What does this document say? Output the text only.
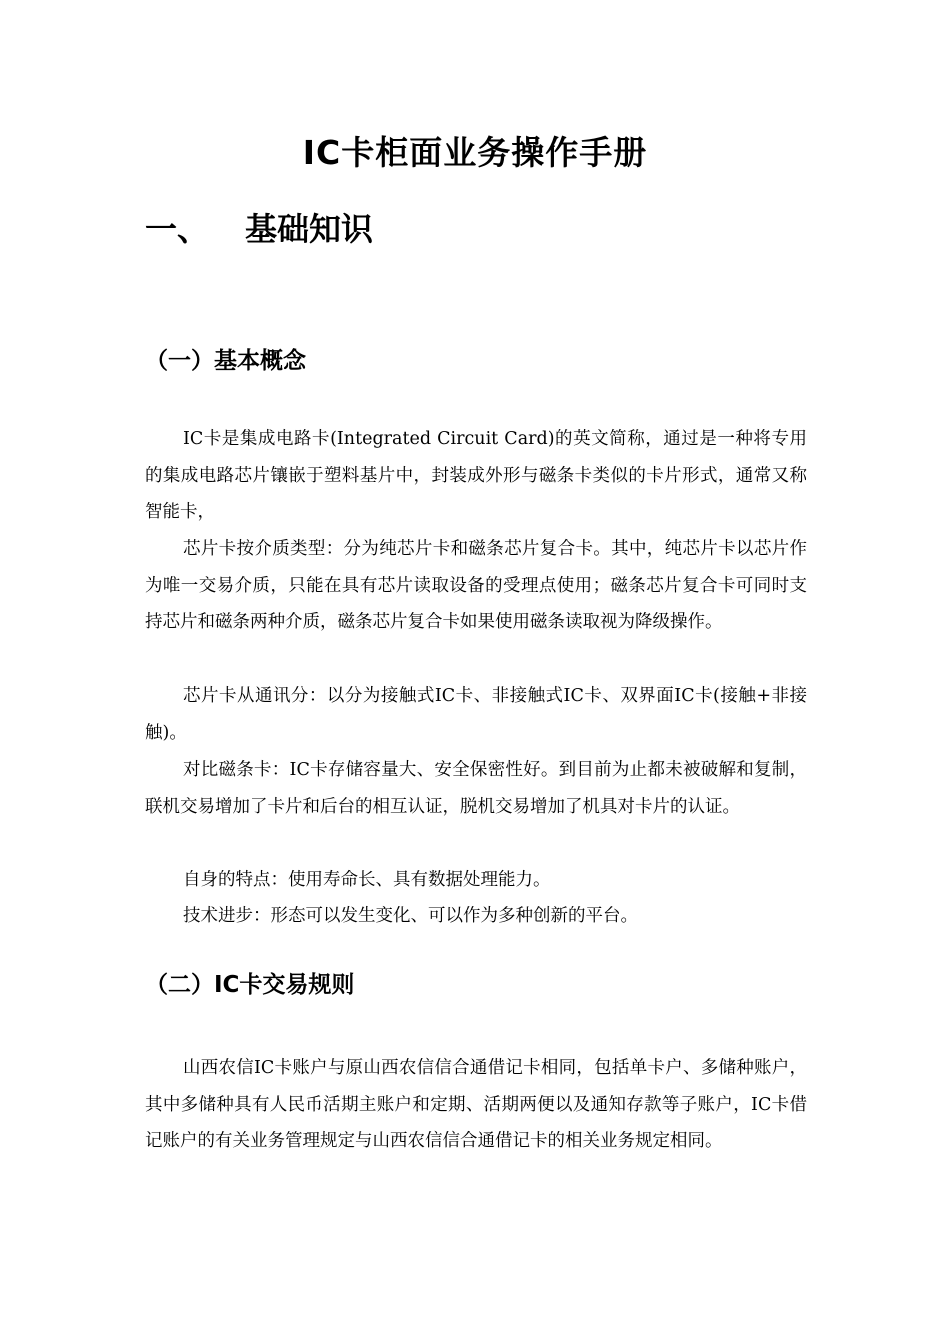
IC卡柜面业务操作手册
一、 基础知识
（一）基本概念

IC卡是集成电路卡(Integrated Circuit Card)的英文简称，通过是一种将专用的集成电路芯片镶嵌于塑料基片中，封装成外形与磁条卡类似的卡片形式，通常又称智能卡，

芯片卡按介质类型：分为纯芯片卡和磁条芯片复合卡。其中，纯芯片卡以芯片作为唯一交易介质，只能在具有芯片读取设备的受理点使用；磁条芯片复合卡可同时支持芯片和磁条两种介质，磁条芯片复合卡如果使用磁条读取视为降级操作。

芯片卡从通讯分：以分为接触式IC卡、非接触式IC卡、双界面IC卡(接触+非接触)。

对比磁条卡：IC卡存储容量大、安全保密性好。到目前为止都未被破解和复制，联机交易增加了卡片和后台的相互认证，脱机交易增加了机具对卡片的认证。

自身的特点：使用寿命长、具有数据处理能力。

技术进步：形态可以发生变化、可以作为多种创新的平台。

（二）IC卡交易规则

山西农信IC卡账户与原山西农信信合通借记卡相同，包括单卡户、多储种账户，其中多储种具有人民币活期主账户和定期、活期两便以及通知存款等子账户，IC卡借记账户的有关业务管理规定与山西农信信合通借记卡的相关业务规定相同。
